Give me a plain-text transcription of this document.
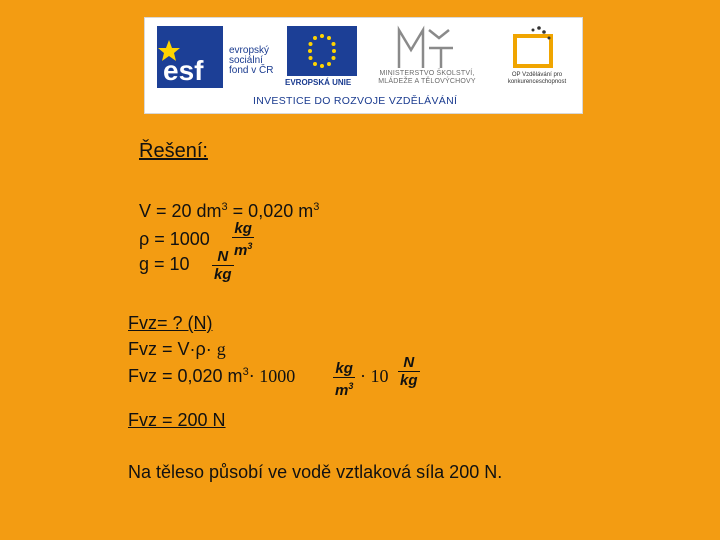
esf
evropský sociální fond v ČR
EVROPSKÁ UNIE
MINISTERSTVO ŠKOLSTVÍ, MLÁDEŽE A TĚLOVÝCHOVY
OP Vzdělávání pro konkurenceschopnost
INVESTICE DO ROZVOJE VZDĚLÁVÁNÍ
Řešení:
V = 20 $dm^3 = 0,020$ $m^3$
ρ = 1000
kg
$m^3$
g = 10 N
kg
Fvz= ? (N)
Fvz = V·ρ· g
Fvz = 0,020 $m^3\cdot 1000$	kg
$m^3 \cdot 10$
N
kg
Fvz = 200 N
Na těleso působí ve vodě vztlaková síla 200 N.
